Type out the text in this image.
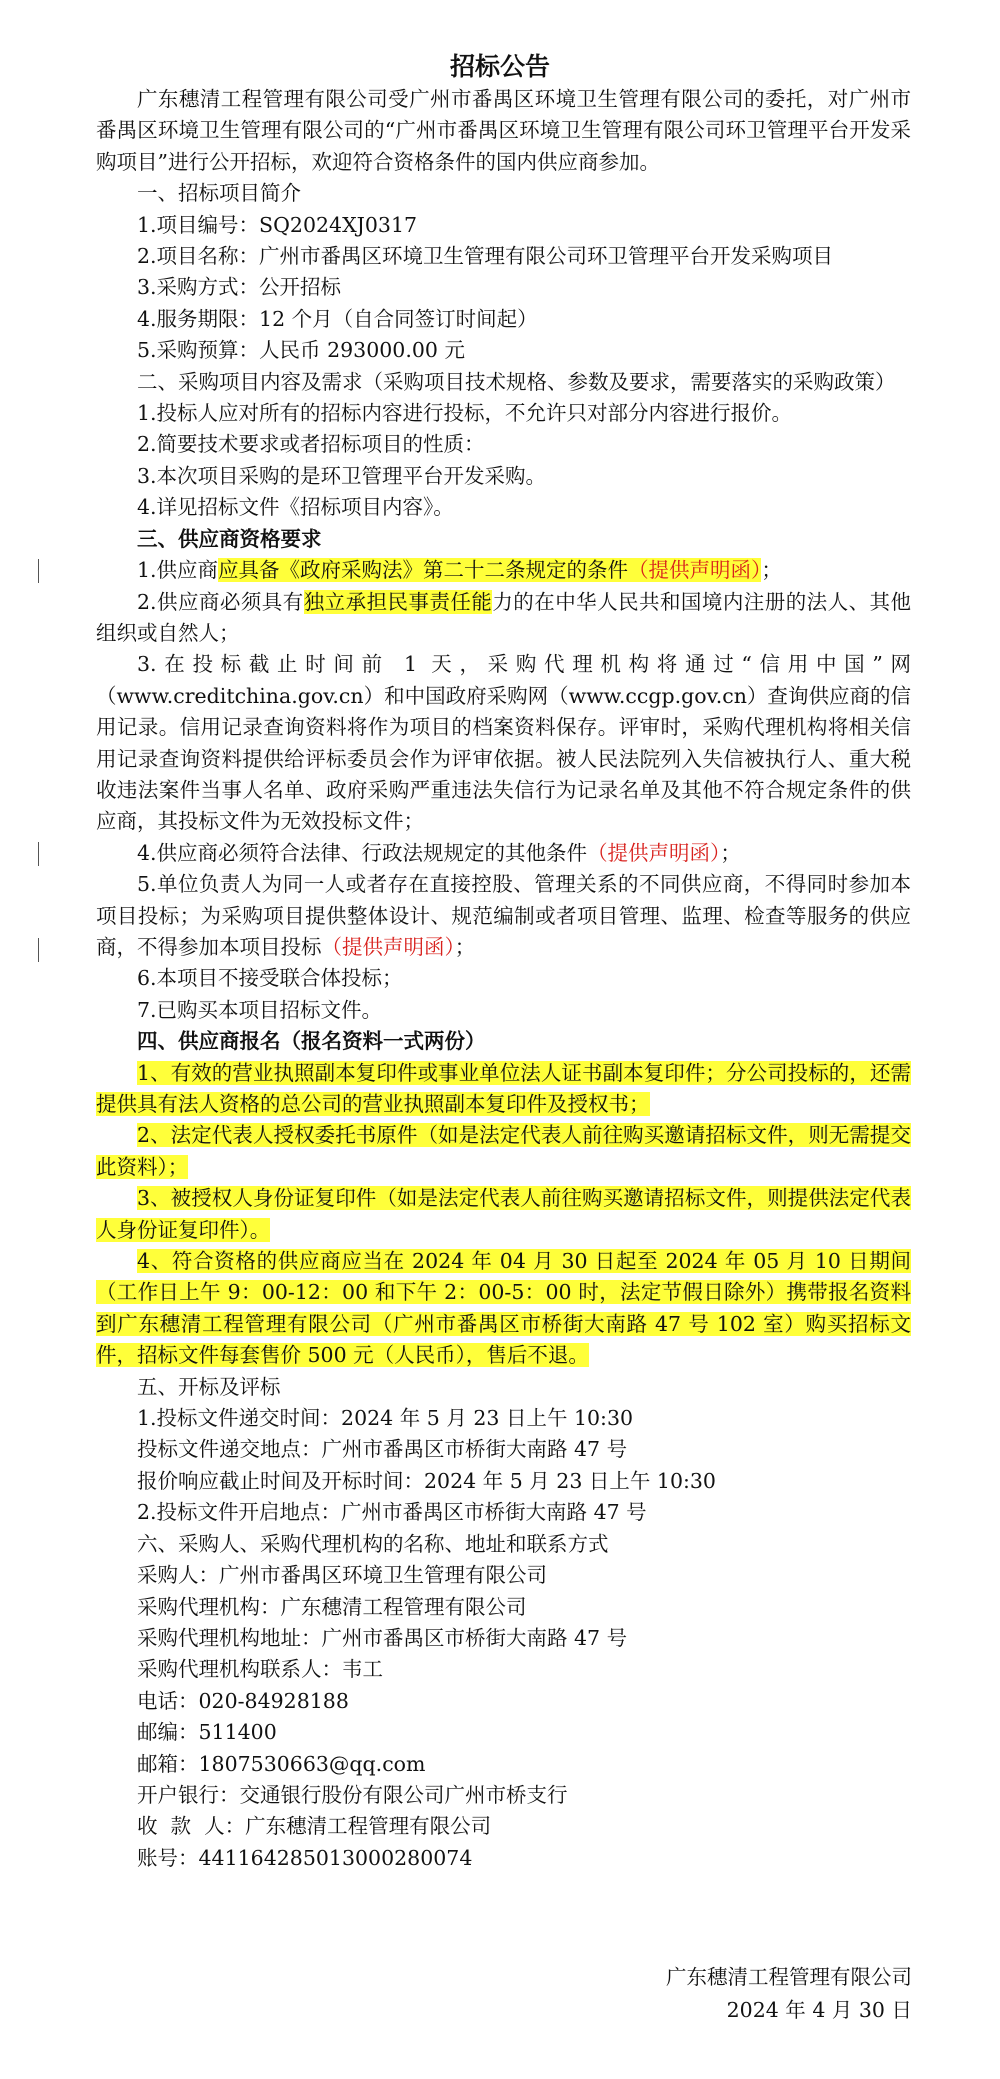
招标公告

广东穗清工程管理有限公司受广州市番禺区环境卫生管理有限公司的委托，对广州市番禺区环境卫生管理有限公司的“广州市番禺区环境卫生管理有限公司环卫管理平台开发采购项目”进行公开招标，欢迎符合资格条件的国内供应商参加。

一、招标项目简介

1.项目编号：SQ2024XJ0317

2.项目名称：广州市番禺区环境卫生管理有限公司环卫管理平台开发采购项目

3.采购方式：公开招标

4.服务期限：12 个月（自合同签订时间起）

5.采购预算：人民币 293000.00 元

二、采购项目内容及需求（采购项目技术规格、参数及要求，需要落实的采购政策）

1.投标人应对所有的招标内容进行投标，不允许只对部分内容进行报价。

2.简要技术要求或者招标项目的性质：

3.本次项目采购的是环卫管理平台开发采购。

4.详见招标文件《招标项目内容》。

三、供应商资格要求

1.供应商应具备《政府采购法》第二十二条规定的条件（提供声明函）；

2.供应商必须具有独立承担民事责任能力的在中华人民共和国境内注册的法人、其他组织或自然人；

3.在投标截止时间前 1 天，采购代理机构将通过“信用中国”网（www.creditchina.gov.cn）和中国政府采购网（www.ccgp.gov.cn）查询供应商的信用记录。信用记录查询资料将作为项目的档案资料保存。评审时，采购代理机构将相关信用记录查询资料提供给评标委员会作为评审依据。被人民法院列入失信被执行人、重大税收违法案件当事人名单、政府采购严重违法失信行为记录名单及其他不符合规定条件的供应商，其投标文件为无效投标文件；

4.供应商必须符合法律、行政法规规定的其他条件（提供声明函）；

5.单位负责人为同一人或者存在直接控股、管理关系的不同供应商，不得同时参加本项目投标；为采购项目提供整体设计、规范编制或者项目管理、监理、检查等服务的供应商，不得参加本项目投标（提供声明函）；

6.本项目不接受联合体投标；

7.已购买本项目招标文件。

四、供应商报名（报名资料一式两份）

1、有效的营业执照副本复印件或事业单位法人证书副本复印件；分公司投标的，还需提供具有法人资格的总公司的营业执照副本复印件及授权书；

2、法定代表人授权委托书原件（如是法定代表人前往购买邀请招标文件，则无需提交此资料）；

3、被授权人身份证复印件（如是法定代表人前往购买邀请招标文件，则提供法定代表人身份证复印件）。

4、符合资格的供应商应当在 2024 年 04 月 30 日起至 2024 年 05 月 10 日期间（工作日上午 9：00-12：00 和下午 2：00-5：00 时，法定节假日除外）携带报名资料到广东穗清工程管理有限公司（广州市番禺区市桥街大南路 47 号 102 室）购买招标文件，招标文件每套售价 500 元（人民币），售后不退。

五、开标及评标

1.投标文件递交时间：2024 年 5 月 23 日上午 10:30

投标文件递交地点：广州市番禺区市桥街大南路 47 号

报价响应截止时间及开标时间：2024 年 5 月 23 日上午 10:30

2.投标文件开启地点：广州市番禺区市桥街大南路 47 号

六、采购人、采购代理机构的名称、地址和联系方式

采购人：广州市番禺区环境卫生管理有限公司

采购代理机构：广东穗清工程管理有限公司

采购代理机构地址：广州市番禺区市桥街大南路 47 号

采购代理机构联系人：韦工

电话：020-84928188

邮编：511400

邮箱：1807530663@qq.com

开户银行：交通银行股份有限公司广州市桥支行

收  款  人：广东穗清工程管理有限公司

账号：441164285013000280074

广东穗清工程管理有限公司
2024 年 4 月 30 日
